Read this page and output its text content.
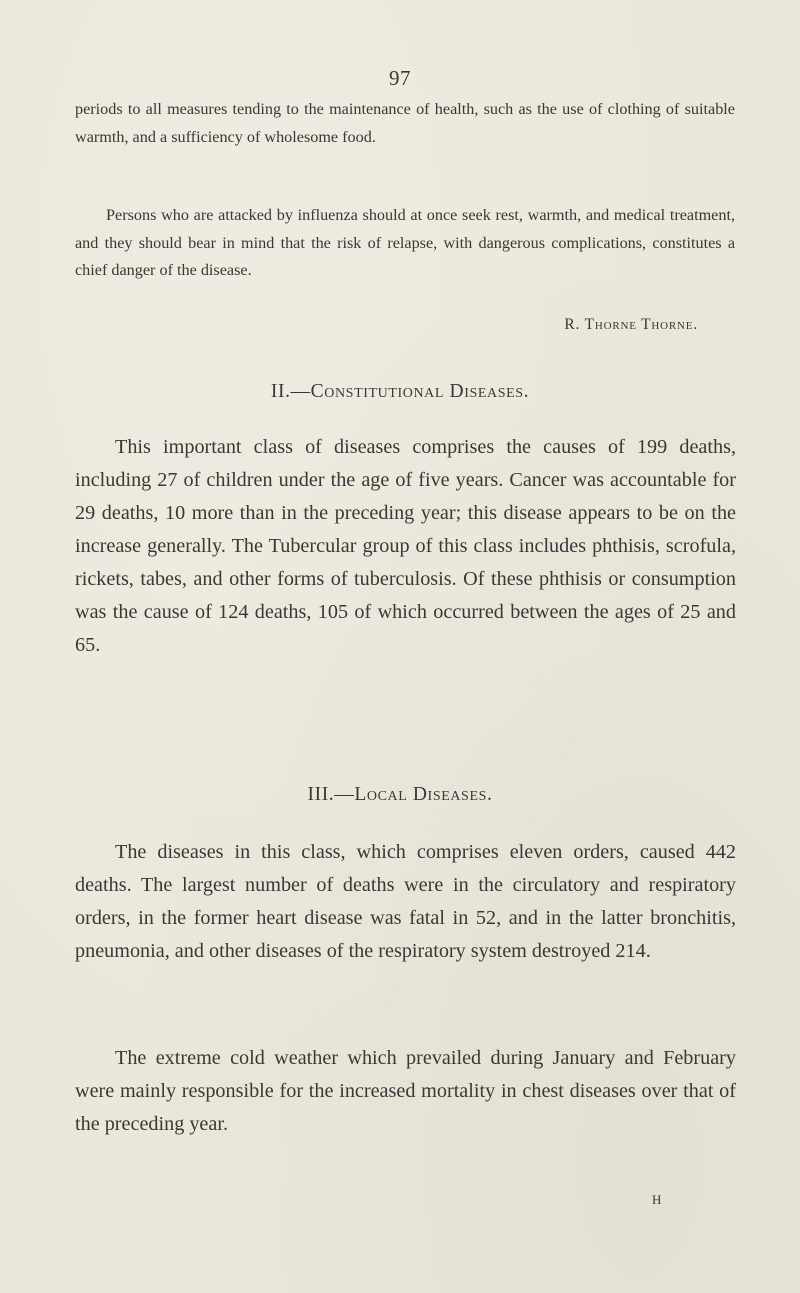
97

periods to all measures tending to the maintenance of health, such as the use of clothing of suitable warmth, and a sufficiency of wholesome food.

Persons who are attacked by influenza should at once seek rest, warmth, and medical treatment, and they should bear in mind that the risk of relapse, with dangerous complications, constitutes a chief danger of the disease.

R. Thorne Thorne.
II.—Constitutional Diseases.

This important class of diseases comprises the causes of 199 deaths, including 27 of children under the age of five years. Cancer was accountable for 29 deaths, 10 more than in the preceding year; this disease appears to be on the increase generally. The Tubercular group of this class includes phthisis, scrofula, rickets, tabes, and other forms of tuberculosis. Of these phthisis or consumption was the cause of 124 deaths, 105 of which occurred between the ages of 25 and 65.

III.—Local Diseases.

The diseases in this class, which comprises eleven orders, caused 442 deaths. The largest number of deaths were in the circulatory and respiratory orders, in the former heart disease was fatal in 52, and in the latter bronchitis, pneumonia, and other diseases of the respiratory system destroyed 214.

The extreme cold weather which prevailed during January and February were mainly responsible for the increased mortality in chest diseases over that of the preceding year.

H
